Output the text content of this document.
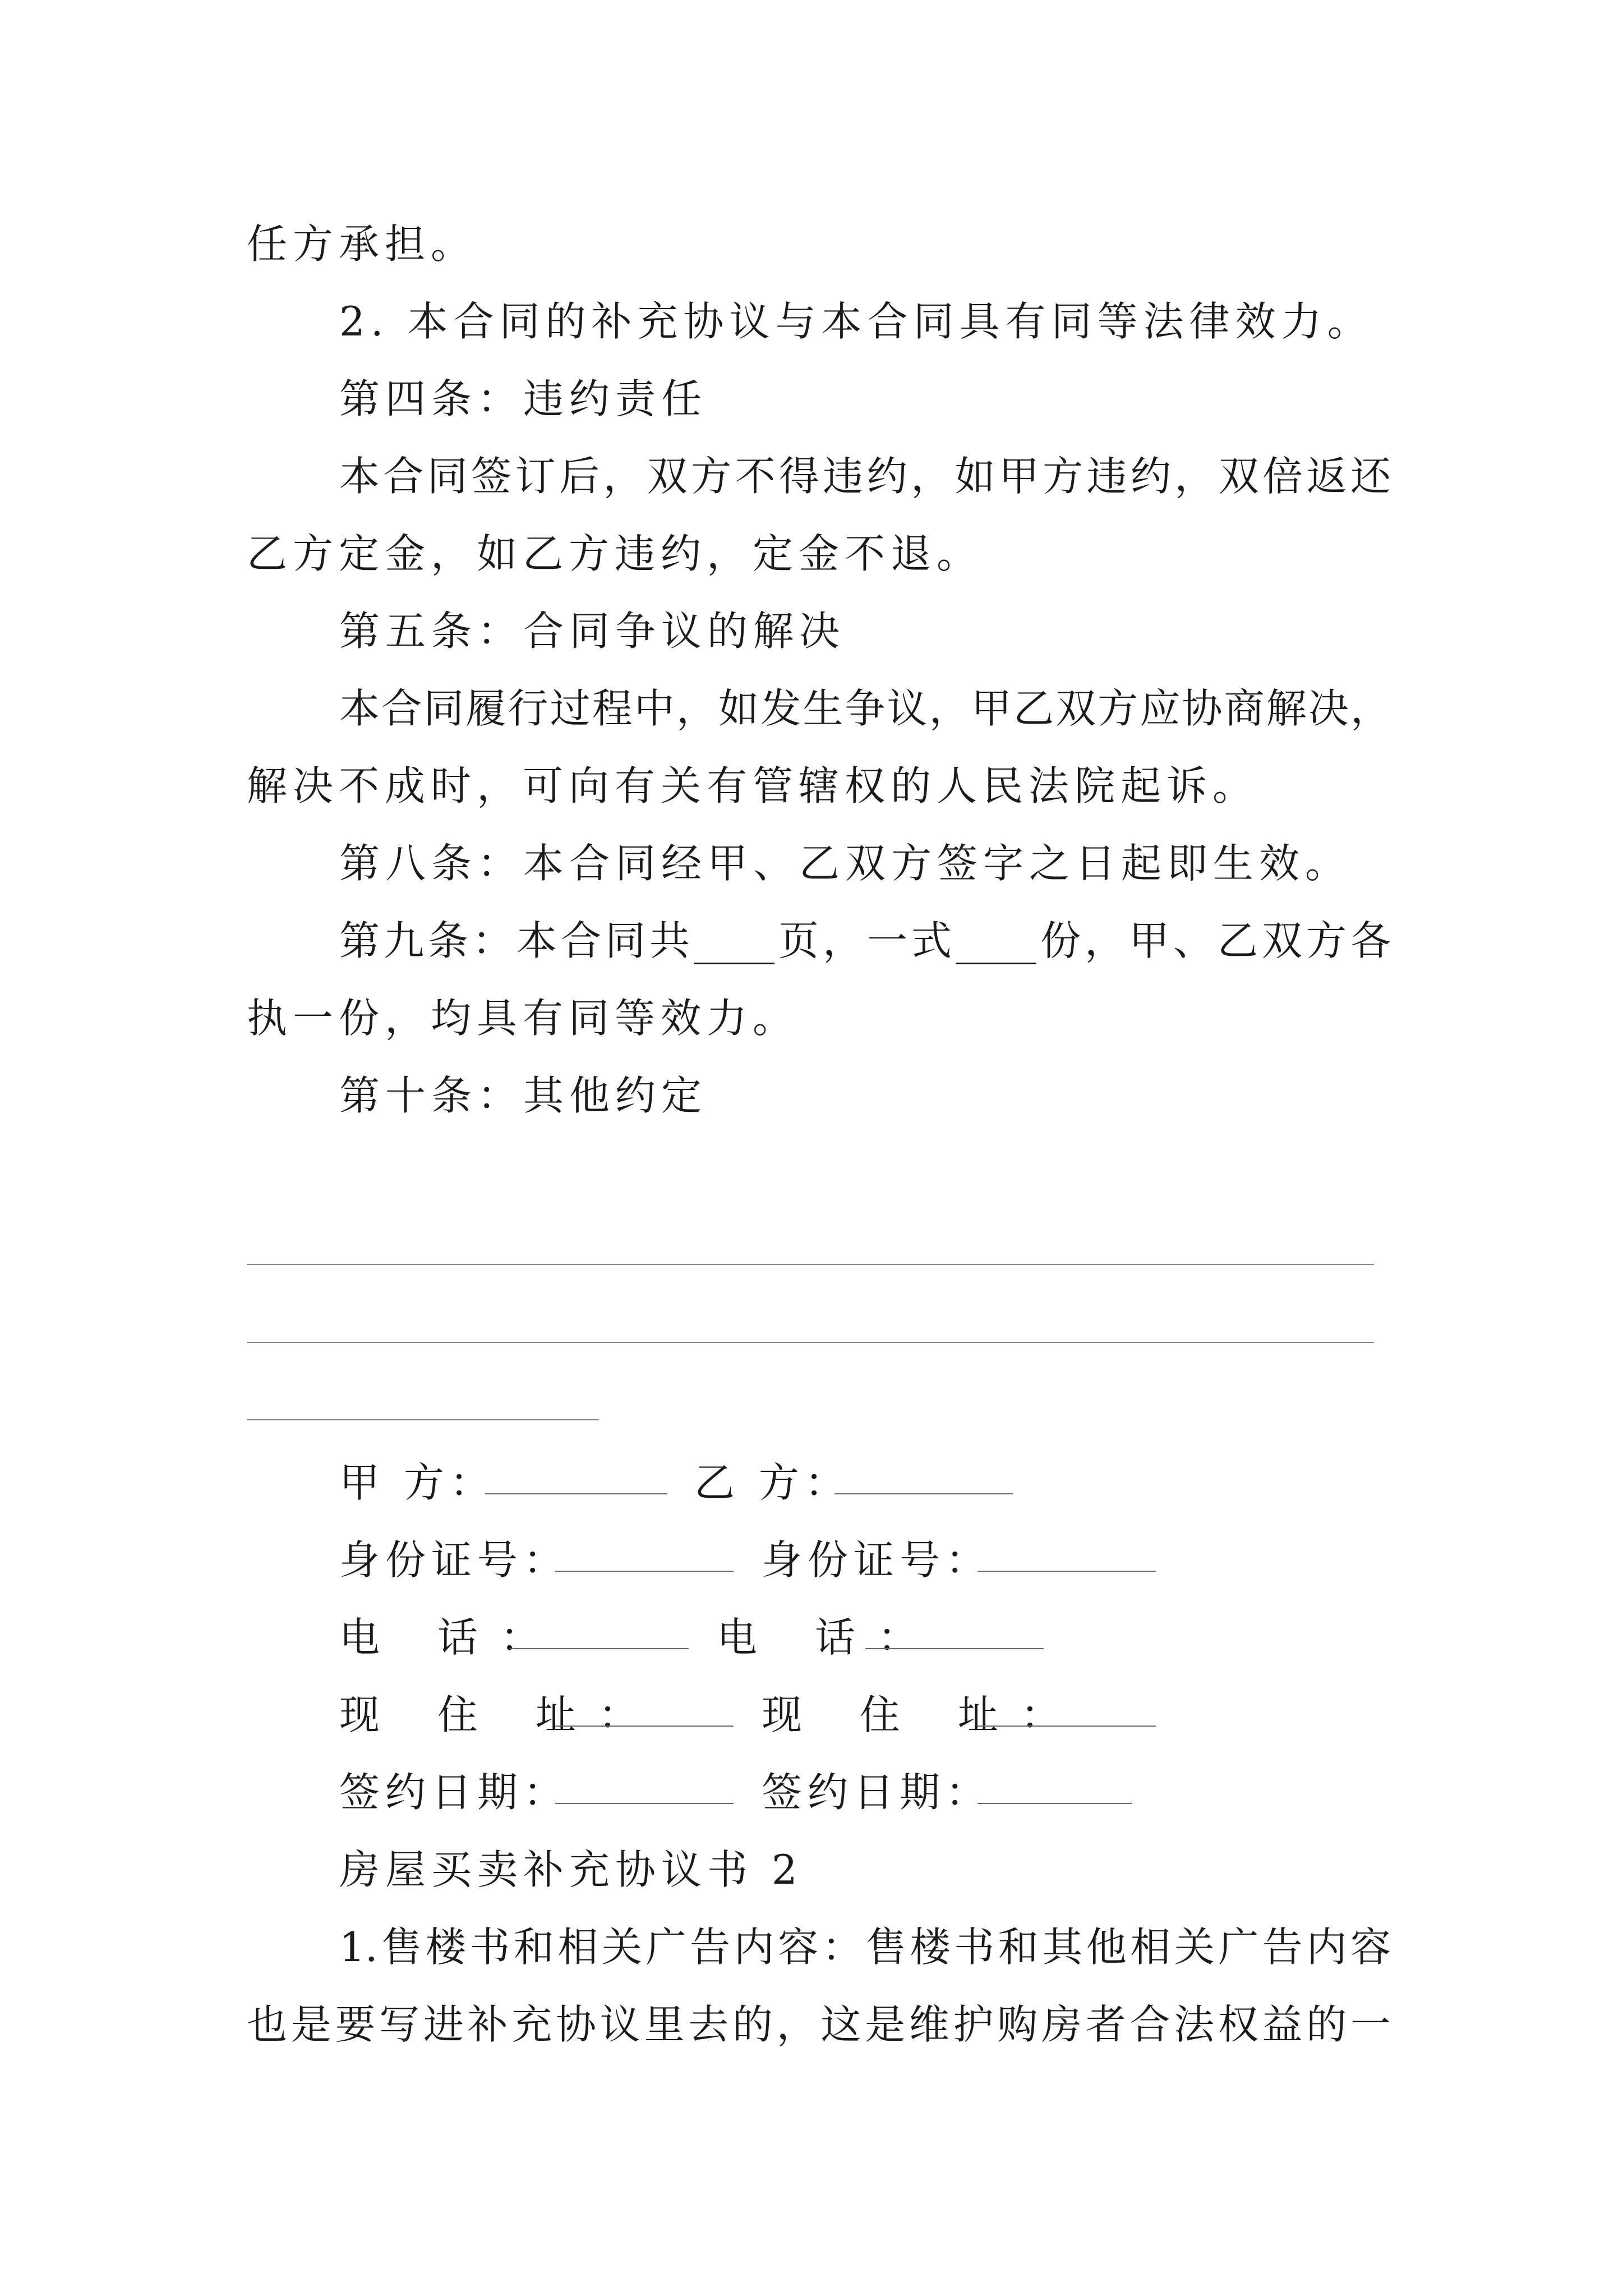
任方承担。
2. 本合同的补充协议与本合同具有同等法律效力。
第四条：违约责任
本合同签订后，双方不得违约，如甲方违约，双倍返还
乙方定金，如乙方违约，定金不退。
第五条：合同争议的解决
本合同履行过程中，如发生争议，甲乙双方应协商解决，
解决不成时，可向有关有管辖权的人民法院起诉。
第八条：本合同经甲、乙双方签字之日起即生效。
第九条：本合同共____页，一式____份，甲、乙双方各
执一份，均具有同等效力。
第十条：其他约定
甲 方：	乙 方：
身份证号：	身份证号：
电 话：	电 话：
现 住 址： 现 住 址：
签约日期：	签约日期：
房屋买卖补充协议书 2
1.售楼书和相关广告内容：售楼书和其他相关广告内容
也是要写进补充协议里去的，这是维护购房者合法权益的一
